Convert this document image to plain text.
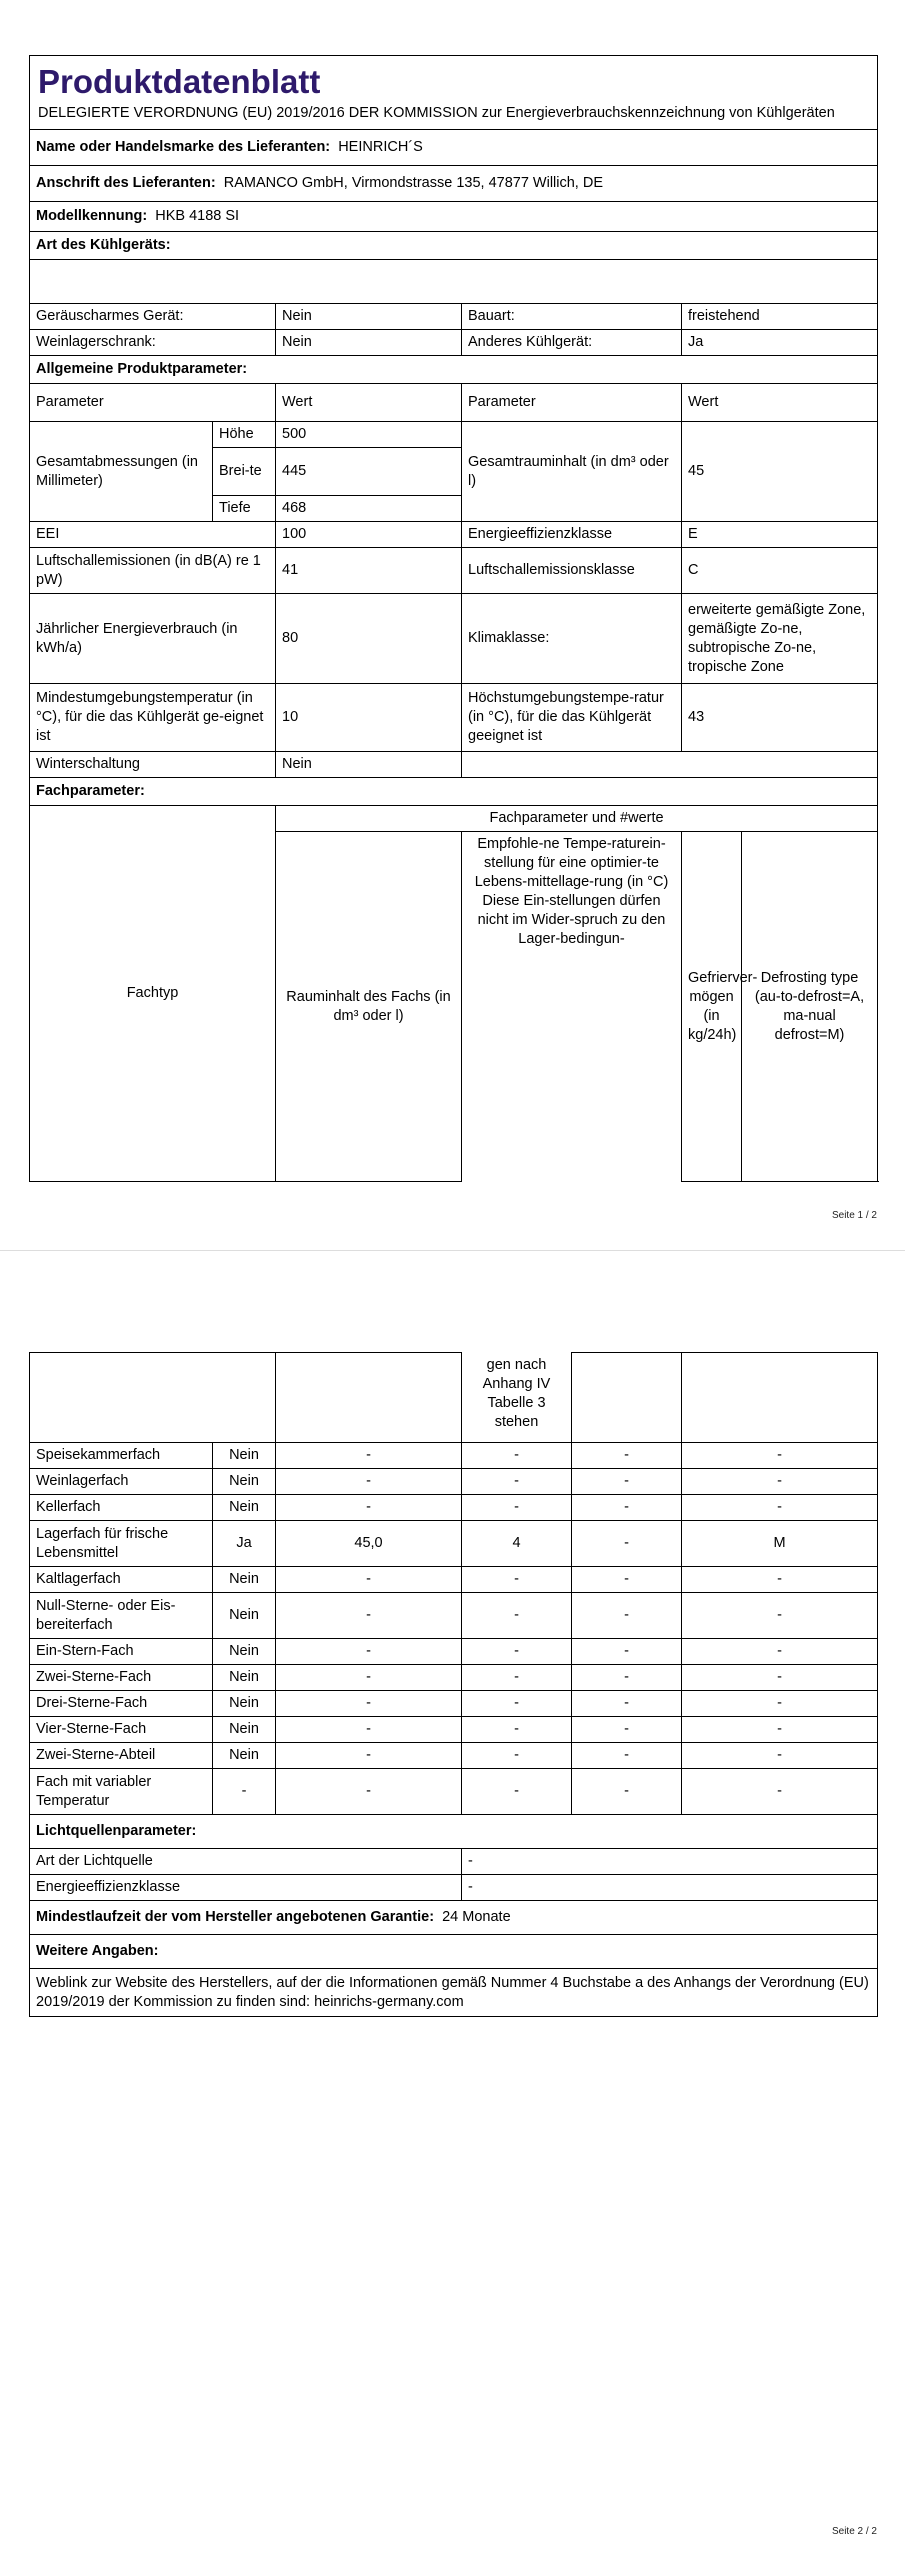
Produktdatenblatt
DELEGIERTE VERORDNUNG (EU) 2019/2016 DER KOMMISSION zur Energieverbrauchskennzeichnung von Kühlgeräten					

Name oder Handelsmarke des Lieferanten: HEINRICH´S					
Anschrift des Lieferanten: RAMANCO GmbH, Virmondstrasse 135, 47877 Willich, DE					
Modellkennung: HKB 4188 SI					
Art des Kühlgeräts:					

Geräuscharmes Gerät:		Nein	Bauart:	freistehend	
Weinlagerschrank:		Nein	Anderes Kühlgerät:	Ja	
Allgemeine Produktparameter:					
Parameter		Wert	Parameter	Wert	
Gesamtabmessungen (in Millimeter)	Höhe	500	Gesamtrauminhalt (in dm³ oder l)	45	
	Brei-te	445			
	Tiefe	468			
EEI		100	Energieeffizienzklasse	E	
Luftschallemissionen (in dB(A) re 1 pW)		41	Luftschallemissionsklasse	C	
Jährlicher Energieverbrauch (in kWh/a)		80	Klimaklasse:	erweiterte gemäßigte Zone, gemäßigte Zo-ne, subtropische Zo-ne, tropische Zone	
Mindestumgebungstemperatur (in °C), für die das Kühlgerät ge-eignet ist		10	Höchstumgebungstempe-ratur (in °C), für die das Kühlgerät geeignet ist	43	
Winterschaltung		Nein			
Fachparameter:					
Fachtyp		Fachparameter und #werte			
		Rauminhalt des Fachs (in dm³ oder l)	Empfohle-ne Tempe-raturein-stellung für eine optimier-te Lebens-mittellage-rung (in °C) Diese Ein-stellungen dürfen nicht im Wider-spruch zu den Lager-bedingun-	Gefrierver-mögen (in kg/24h)	Defrosting type (au-to-defrost=A, ma-nual defrost=M)
Seite 1 / 2
		gen nach Anhang IV Tabelle 3 stehen		
Speisekammerfach	Nein	-	-	-	-
Weinlagerfach	Nein	-	-	-	-
Kellerfach	Nein	-	-	-	-
Lagerfach für frische Lebensmittel	Ja	45,0	4	-	M
Kaltlagerfach	Nein	-	-	-	-
Null-Sterne- oder Eis-bereiterfach	Nein	-	-	-	-
Ein-Stern-Fach	Nein	-	-	-	-
Zwei-Sterne-Fach	Nein	-	-	-	-
Drei-Sterne-Fach	Nein	-	-	-	-
Vier-Sterne-Fach	Nein	-	-	-	-
Zwei-Sterne-Abteil	Nein	-	-	-	-
Fach mit variabler Temperatur	-	-	-	-	-
Lichtquellenparameter:	
Art der Lichtquelle	-
Energieeffizienzklasse	-
Mindestlaufzeit der vom Hersteller angebotenen Garantie: 24 Monate	
Weitere Angaben:	
Weblink zur Website des Herstellers, auf der die Informationen gemäß Nummer 4 Buchstabe a des Anhangs der Verordnung (EU) 2019/2019 der Kommission zu finden sind: heinrichs-germany.com	
Seite 2 / 2
